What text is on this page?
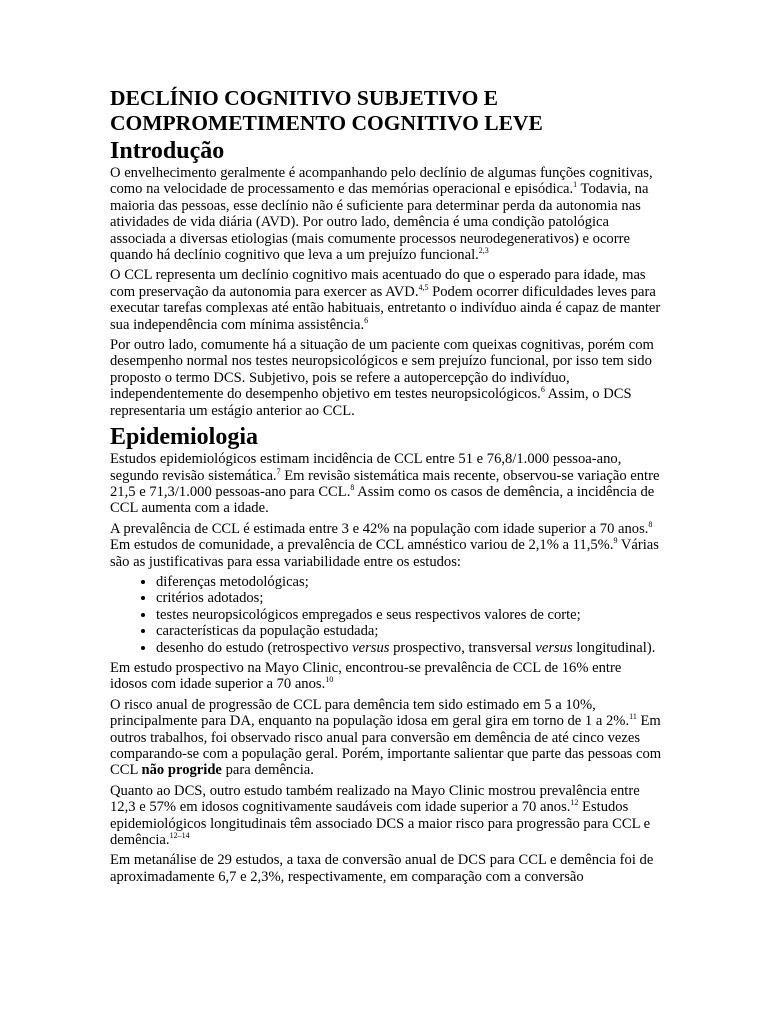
DECLÍNIO COGNITIVO SUBJETIVO E
COMPROMETIMENTO COGNITIVO LEVE
Introdução

O envelhecimento geralmente é acompanhando pelo declínio de algumas funções cognitivas, como na velocidade de processamento e das memórias operacional e episódica.$^1$ Todavia, na maioria das pessoas, esse declínio não é suficiente para determinar perda da autonomia nas atividades de vida diária (AVD). Por outro lado, demência é uma condição patológica associada a diversas etiologias (mais comumente processos neurodegenerativos) e ocorre quando há declínio cognitivo que leva a um prejuízo funcional.$^{2,3}$

O CCL representa um declínio cognitivo mais acentuado do que o esperado para idade, mas com preservação da autonomia para exercer as AVD.$^{4,5}$ Podem ocorrer dificuldades leves para executar tarefas complexas até então habituais, entretanto o indivíduo ainda é capaz de manter sua independência com mínima assistência.$^6$

Por outro lado, comumente há a situação de um paciente com queixas cognitivas, porém com desempenho normal nos testes neuropsicológicos e sem prejuízo funcional, por isso tem sido proposto o termo DCS. Subjetivo, pois se refere a autopercepção do indivíduo, independentemente do desempenho objetivo em testes neuropsicológicos.$^6$ Assim, o DCS representaria um estágio anterior ao CCL.

Epidemiologia

Estudos epidemiológicos estimam incidência de CCL entre 51 e 76,8/1.000 pessoa-ano, segundo revisão sistemática.$^7$ Em revisão sistemática mais recente, observou-se variação entre 21,5 e 71,3/1.000 pessoas-ano para CCL.$^8$ Assim como os casos de demência, a incidência de CCL aumenta com a idade.

A prevalência de CCL é estimada entre 3 e 42% na população com idade superior a 70 anos.$^8$ Em estudos de comunidade, a prevalência de CCL amnéstico variou de 2,1% a 11,5%.$^9$ Várias são as justificativas para essa variabilidade entre os estudos:

• diferenças metodológicas;
• critérios adotados;
• testes neuropsicológicos empregados e seus respectivos valores de corte;
• características da população estudada;
• desenho do estudo (retrospectivo versus prospectivo, transversal versus longitudinal).

Em estudo prospectivo na Mayo Clinic, encontrou-se prevalência de CCL de 16% entre idosos com idade superior a 70 anos.$^{10}$

O risco anual de progressão de CCL para demência tem sido estimado em 5 a 10%, principalmente para DA, enquanto na população idosa em geral gira em torno de 1 a 2%.$^{11}$ Em outros trabalhos, foi observado risco anual para conversão em demência de até cinco vezes comparando-se com a população geral. Porém, importante salientar que parte das pessoas com CCL não progride para demência.

Quanto ao DCS, outro estudo também realizado na Mayo Clinic mostrou prevalência entre 12,3 e 57% em idosos cognitivamente saudáveis com idade superior a 70 anos.$^{12}$ Estudos epidemiológicos longitudinais têm associado DCS a maior risco para progressão para CCL e demência.$^{12-14}$

Em metanálise de 29 estudos, a taxa de conversão anual de DCS para CCL e demência foi de aproximadamente 6,7 e 2,3%, respectivamente, em comparação com a conversão
